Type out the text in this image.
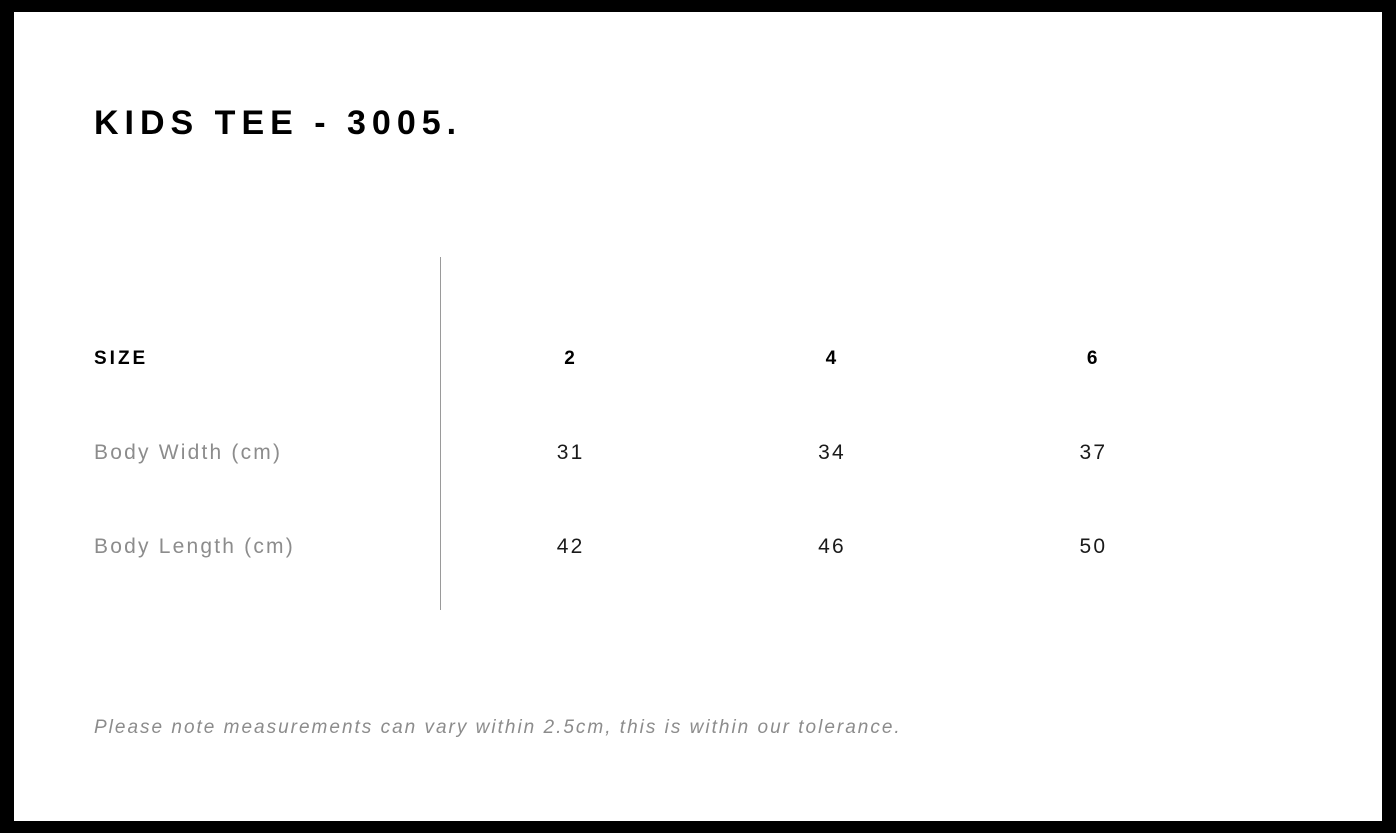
KIDS TEE - 3005.
SIZE	2	4	6
Body Width (cm)	31	34	37
Body Length (cm)	42	46	50
Please note measurements can vary within 2.5cm, this is within our tolerance.
